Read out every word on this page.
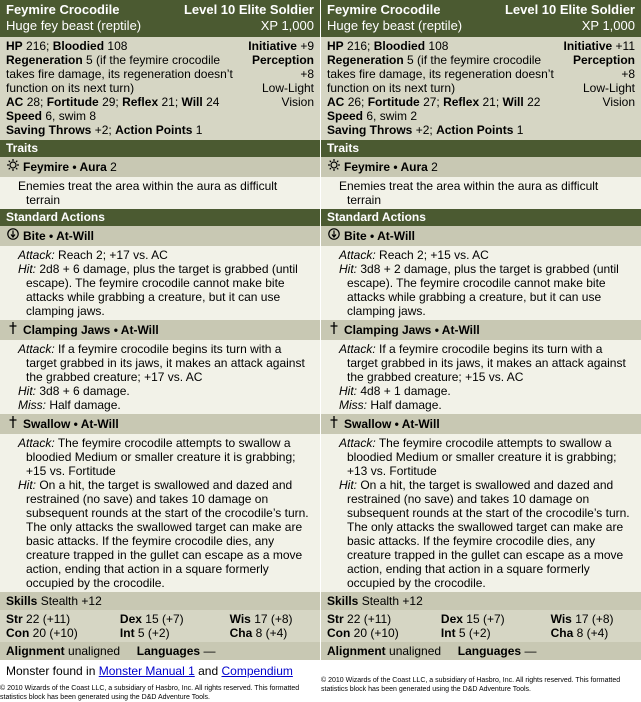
Feymire Crocodile	Level 10 Elite Soldier
Huge fey beast (reptile)	XP 1,000
HP 216; Bloodied 108
Regeneration 5 (if the feymire crocodile takes fire damage, its regeneration doesn’t function on its next turn)
AC 28; Fortitude 29; Reflex 21; Will 24
Speed 6, swim 8
Saving Throws +2; Action Points 1
Initiative +9
Perception
+8
Low-Light Vision
Traits
Feymire • Aura
2

Enemies treat the area within the aura as difficult terrain

Standard Actions
Bite • At-Will

Attack: Reach 2; +17 vs. AC

Hit: 2d8 + 6 damage, plus the target is grabbed (until escape). The feymire crocodile cannot make bite attacks while grabbing a creature, but it can use clamping jaws.

Clamping Jaws • At-Will

Attack: If a feymire crocodile begins its turn with a target grabbed in its jaws, it makes an attack against the grabbed creature; +17 vs. AC

Hit: 3d8 + 6 damage.

Miss: Half damage.

Swallow • At-Will

Attack: The feymire crocodile attempts to swallow a bloodied Medium or smaller creature it is grabbing; +15 vs. Fortitude

Hit: On a hit, the target is swallowed and dazed and restrained (no save) and takes 10 damage on subsequent rounds at the start of the crocodile’s turn. The only attacks the swallowed target can make are basic attacks. If the feymire crocodile dies, any creature trapped in the gullet can escape as a move action, ending that action in a square formerly occupied by the crocodile.

Skills Stealth +12
Str 22 (+11)	Dex 15 (+7)	Wis 17 (+8)
Con 20 (+10)	Int 5 (+2)	Cha 8 (+4)
Alignment unaligned Languages —
Monster found in Monster Manual 1 and Compendium
© 2010 Wizards of the Coast LLC, a subsidiary of Hasbro, Inc. All rights reserved. This formatted statistics block has been generated using the D&D Adventure Tools.
Feymire Crocodile	Level 10 Elite Soldier
Huge fey beast (reptile)	XP 1,000
HP 216; Bloodied 108
Regeneration 5 (if the feymire crocodile takes fire damage, its regeneration doesn’t function on its next turn)
AC 26; Fortitude 27; Reflex 21; Will 22
Speed 6, swim 2
Saving Throws +2; Action Points 1
Initiative +11
Perception
+8
Low-Light Vision
Traits
Feymire • Aura
2

Enemies treat the area within the aura as difficult terrain

Standard Actions
Bite • At-Will

Attack: Reach 2; +15 vs. AC

Hit: 3d8 + 2 damage, plus the target is grabbed (until escape). The feymire crocodile cannot make bite attacks while grabbing a creature, but it can use clamping jaws.

Clamping Jaws • At-Will

Attack: If a feymire crocodile begins its turn with a target grabbed in its jaws, it makes an attack against the grabbed creature; +15 vs. AC

Hit: 4d8 + 1 damage.

Miss: Half damage.

Swallow • At-Will

Attack: The feymire crocodile attempts to swallow a bloodied Medium or smaller creature it is grabbing; +13 vs. Fortitude

Hit: On a hit, the target is swallowed and dazed and restrained (no save) and takes 10 damage on subsequent rounds at the start of the crocodile’s turn. The only attacks the swallowed target can make are basic attacks. If the feymire crocodile dies, any creature trapped in the gullet can escape as a move action, ending that action in a square formerly occupied by the crocodile.

Skills Stealth +12
Str 22 (+11)	Dex 15 (+7)	Wis 17 (+8)
Con 20 (+10)	Int 5 (+2)	Cha 8 (+4)
Alignment unaligned Languages —
© 2010 Wizards of the Coast LLC, a subsidiary of Hasbro, Inc. All rights reserved. This formatted statistics block has been generated using the D&D Adventure Tools.
